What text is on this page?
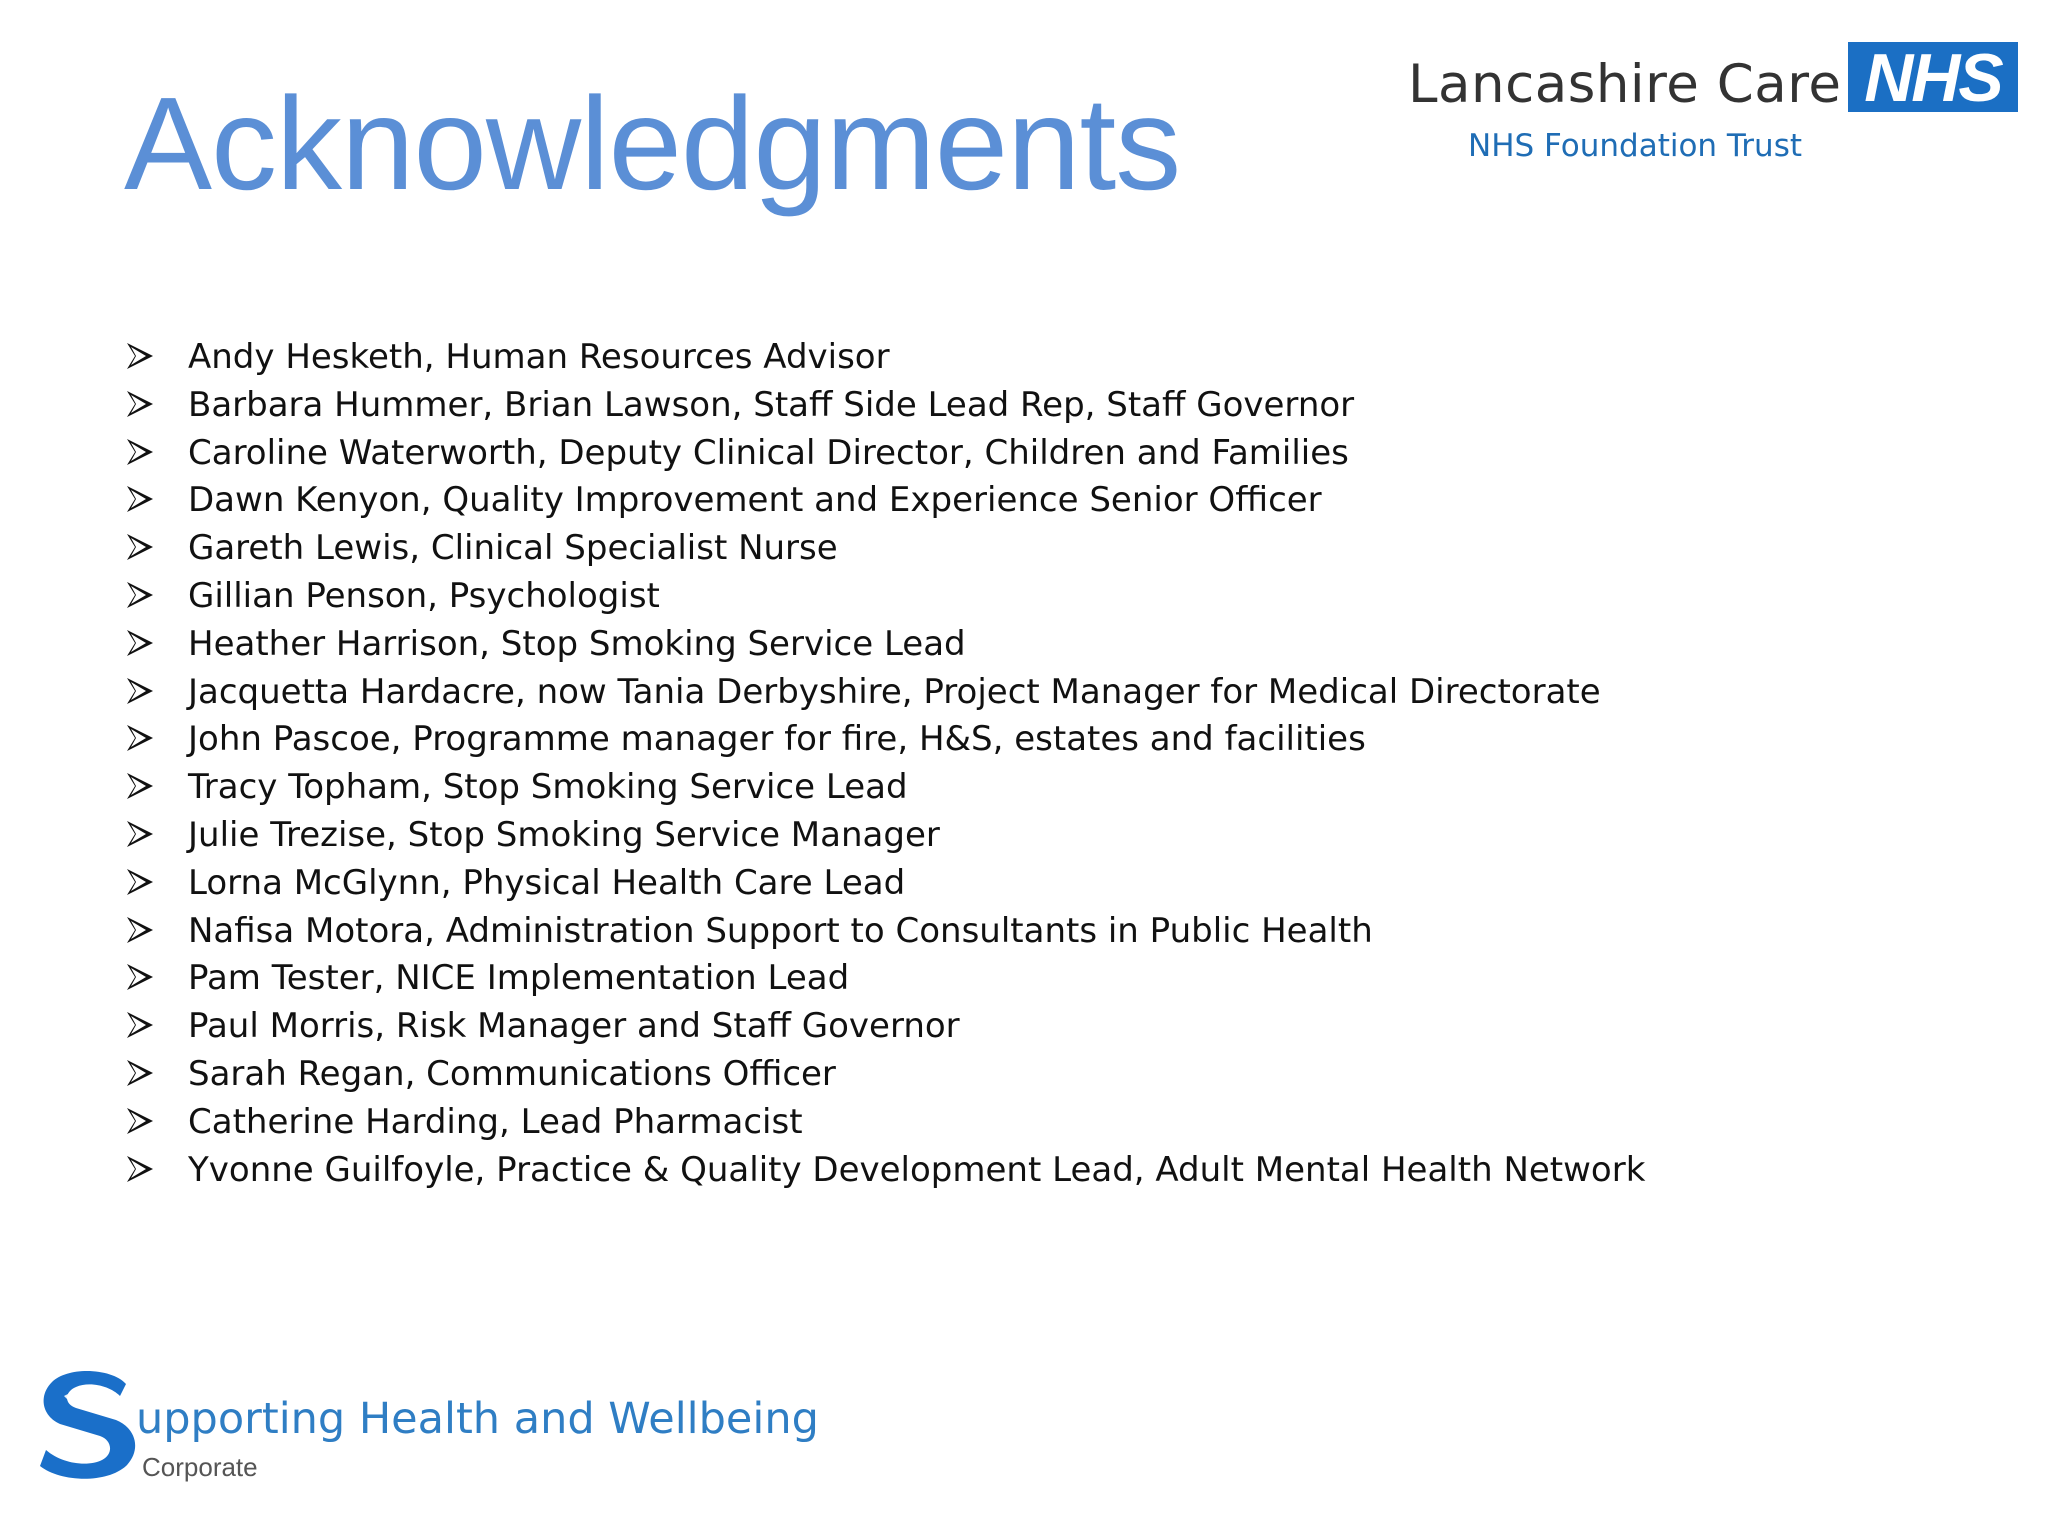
Acknowledgments	Lancashire Care NHS
NHS Foundation Trust
Andy Hesketh, Human Resources Advisor
Barbara Hummer, Brian Lawson, Staff Side Lead Rep, Staff Governor
Caroline Waterworth, Deputy Clinical Director, Children and Families
Dawn Kenyon, Quality Improvement and Experience Senior Officer
Gareth Lewis, Clinical Specialist Nurse
Gillian Penson, Psychologist
Heather Harrison, Stop Smoking Service Lead
Jacquetta Hardacre, now Tania Derbyshire, Project Manager for Medical Directorate
John Pascoe, Programme manager for fire, H&S, estates and facilities
Tracy Topham, Stop Smoking Service Lead
Julie Trezise, Stop Smoking Service Manager
Lorna McGlynn, Physical Health Care Lead
Nafisa Motora, Administration Support to Consultants in Public Health
Pam Tester, NICE Implementation Lead
Paul Morris, Risk Manager and Staff Governor
Sarah Regan, Communications Officer
Catherine Harding, Lead Pharmacist
Yvonne Guilfoyle, Practice & Quality Development Lead, Adult Mental Health Network
upporting Health and Wellbeing
Corporate
